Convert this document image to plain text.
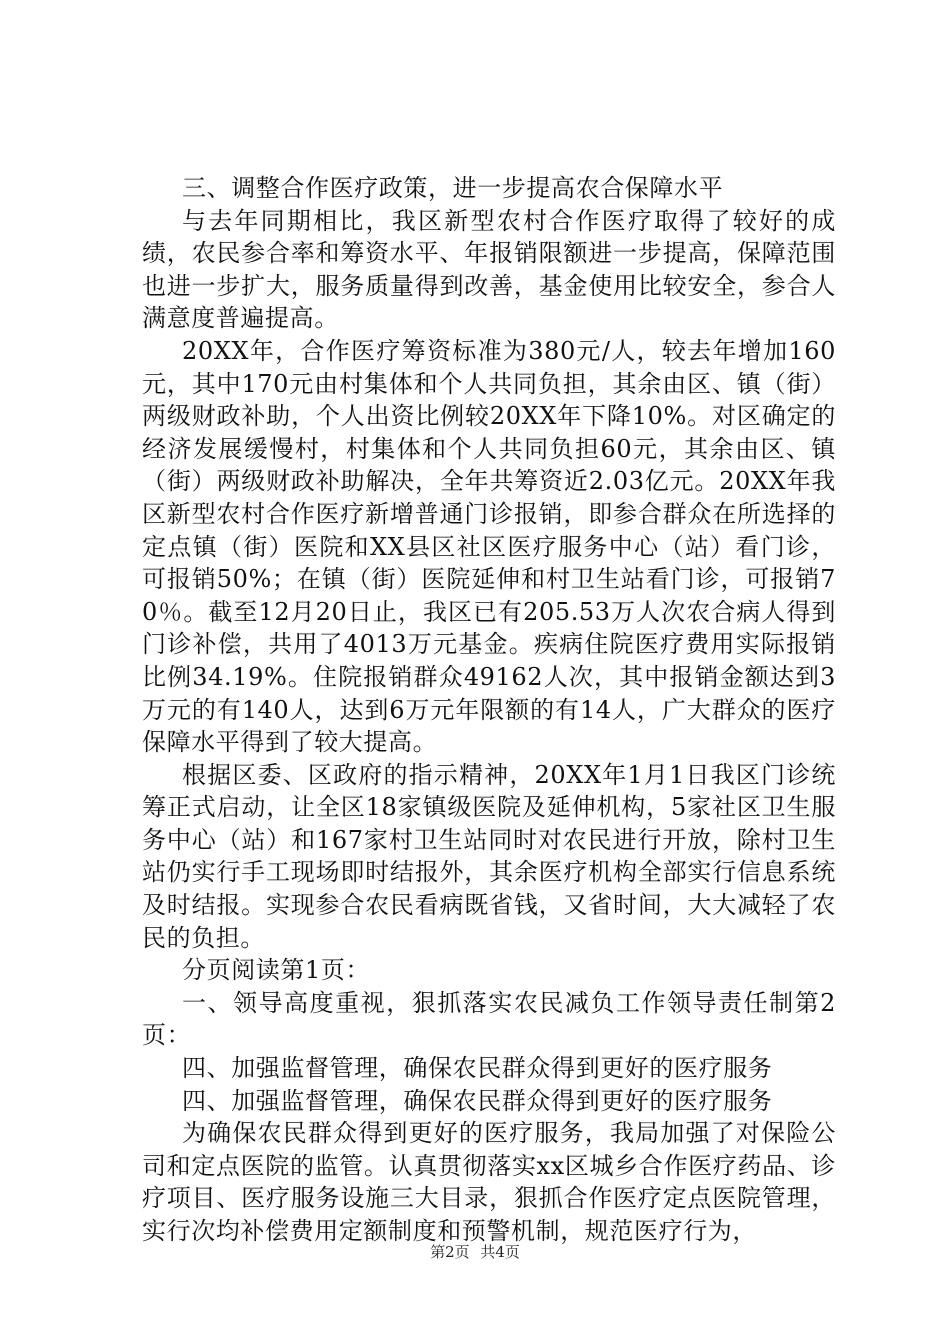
三、调整合作医疗政策，进一步提高农合保障水平

与去年同期相比，我区新型农村合作医疗取得了较好的成绩，农民参合率和筹资水平、年报销限额进一步提高，保障范围也进一步扩大，服务质量得到改善，基金使用比较安全，参合人满意度普遍提高。

20XX年，合作医疗筹资标准为380元/人，较去年增加160元，其中170元由村集体和个人共同负担，其余由区、镇（街）两级财政补助，个人出资比例较20XX年下降10%。对区确定的经济发展缓慢村，村集体和个人共同负担60元，其余由区、镇（街）两级财政补助解决，全年共筹资近2.03亿元。20XX年我区新型农村合作医疗新增普通门诊报销，即参合群众在所选择的定点镇（街）医院和XX县区社区医疗服务中心（站）看门诊，可报销50%；在镇（街）医院延伸和村卫生站看门诊，可报销70％。截至12月20日止，我区已有205.53万人次农合病人得到门诊补偿，共用了4013万元基金。疾病住院医疗费用实际报销比例34.19%。住院报销群众49162人次，其中报销金额达到3万元的有140人，达到6万元年限额的有14人，广大群众的医疗保障水平得到了较大提高。

根据区委、区政府的指示精神，20XX年1月1日我区门诊统筹正式启动，让全区18家镇级医院及延伸机构，5家社区卫生服务中心（站）和167家村卫生站同时对农民进行开放，除村卫生站仍实行手工现场即时结报外，其余医疗机构全部实行信息系统及时结报。实现参合农民看病既省钱，又省时间，大大减轻了农民的负担。

分页阅读第1页：

一、领导高度重视，狠抓落实农民减负工作领导责任制第2页：

四、加强监督管理，确保农民群众得到更好的医疗服务

四、加强监督管理，确保农民群众得到更好的医疗服务

为确保农民群众得到更好的医疗服务，我局加强了对保险公司和定点医院的监管。认真贯彻落实xx区城乡合作医疗药品、诊疗项目、医疗服务设施三大目录，狠抓合作医疗定点医院管理，实行次均补偿费用定额制度和预警机制，规范医疗行为，

第2页 共4页
